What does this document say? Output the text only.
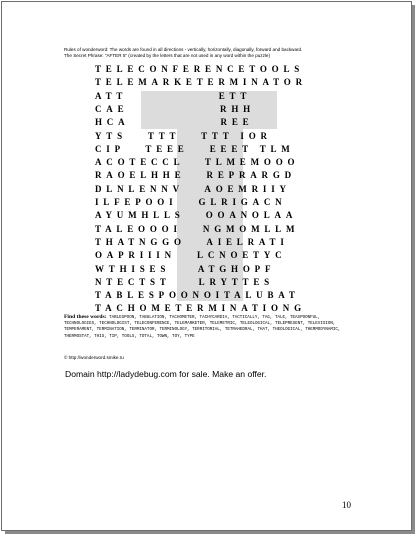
Rules of wonderword: The words are found in all directions - vertically, horizontally, diagonally, forward and backward.
The Secret Phrase: "AFTER 5" (created by the letters that are not used in any word within the puzzle)
TELECONFERENCETOOLS
TELEMARKETERMINATOR
ATT             ETT
CAE             RHH
HCA             REE
YTS   TTT   TTT IOR
CIP   TEEE   EEET TLM
ACOTECCL   TLMEMOOO
RAOELHHE   REPRARGD
DLNLENNV   AOEMRIIY
ILFEPOOI   GLRIGACN
AYUMHLLS   OOANOLAA
TALEOOOI   NGMOMLLM
THATNGGO   AIELRATI
OAPRIIIN   LCNOETYC
WTHISES    ATGHOPF
NTECTST    LRYTTES
TABLESPOONOITALUBAT
TACHOMETERMINATIONG
Find these words: TABLESPOON, TABULATION, TACHOMETER, TACHYCARDIA, TACTICALLY, TAG, TALE, TEASPOONFUL, TECHNOLOGIES, TECHNOLOGIST, TELECONFERENCE, TELEMARKETER, TELEMETRIC, TELEOLOGICAL, TELEPRESENT, TELEVISION, TEMPERAMENT, TERMINATION, TERMINATOR, TERMINOLOGY, TERRITORIAL, TETRAHEDRAL, THAT, THEOLOGICAL, THERMODYNAMIC, THERMOSTAT, THIS, TIP, TOOLS, TOTAL, TOWN, TOY, TYPE
© http://wonderword.smike.ru
Domain http://ladydebug.com for sale. Make an offer.
10
